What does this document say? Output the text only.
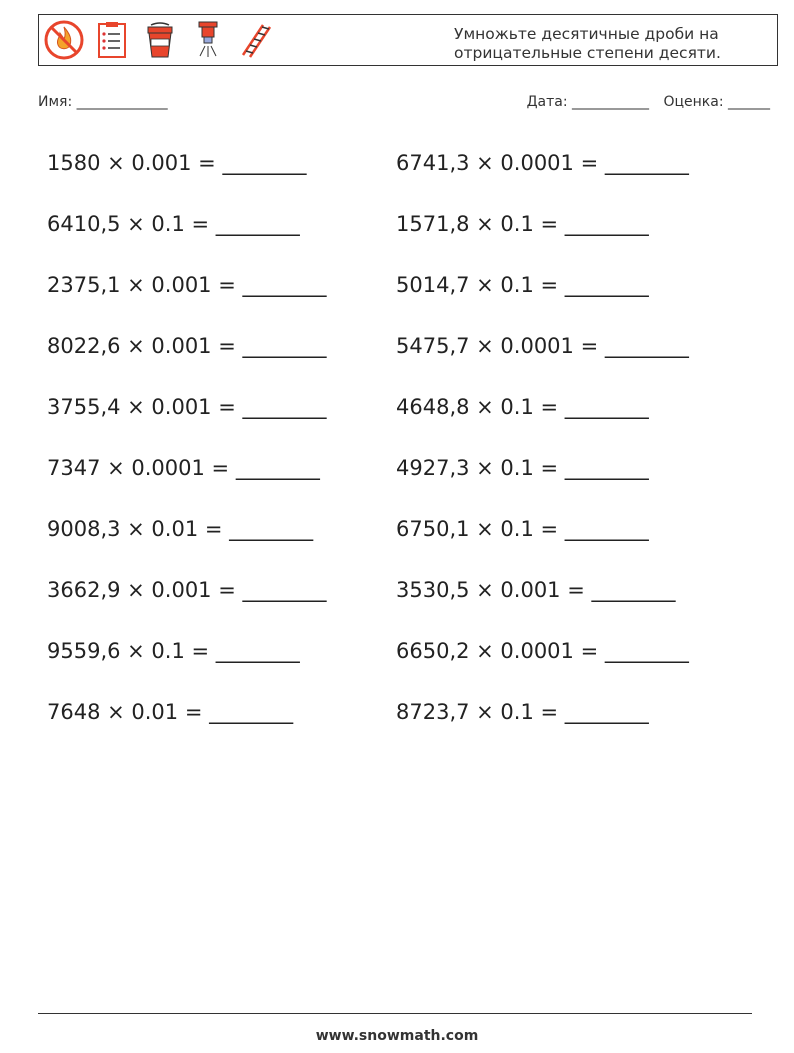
Умножьте десятичные дроби на
отрицательные степени десяти.
Имя: _____________	Дата: ___________ Оценка: ______
1580 × 0.001 = ________	6741,3 × 0.0001 = ________
6410,5 × 0.1 = ________	1571,8 × 0.1 = ________
2375,1 × 0.001 = ________	5014,7 × 0.1 = ________
8022,6 × 0.001 = ________	5475,7 × 0.0001 = ________
3755,4 × 0.001 = ________	4648,8 × 0.1 = ________
7347 × 0.0001 = ________	4927,3 × 0.1 = ________
9008,3 × 0.01 = ________	6750,1 × 0.1 = ________
3662,9 × 0.001 = ________	3530,5 × 0.001 = ________
9559,6 × 0.1 = ________	6650,2 × 0.0001 = ________
7648 × 0.01 = ________	8723,7 × 0.1 = ________
www.snowmath.com
